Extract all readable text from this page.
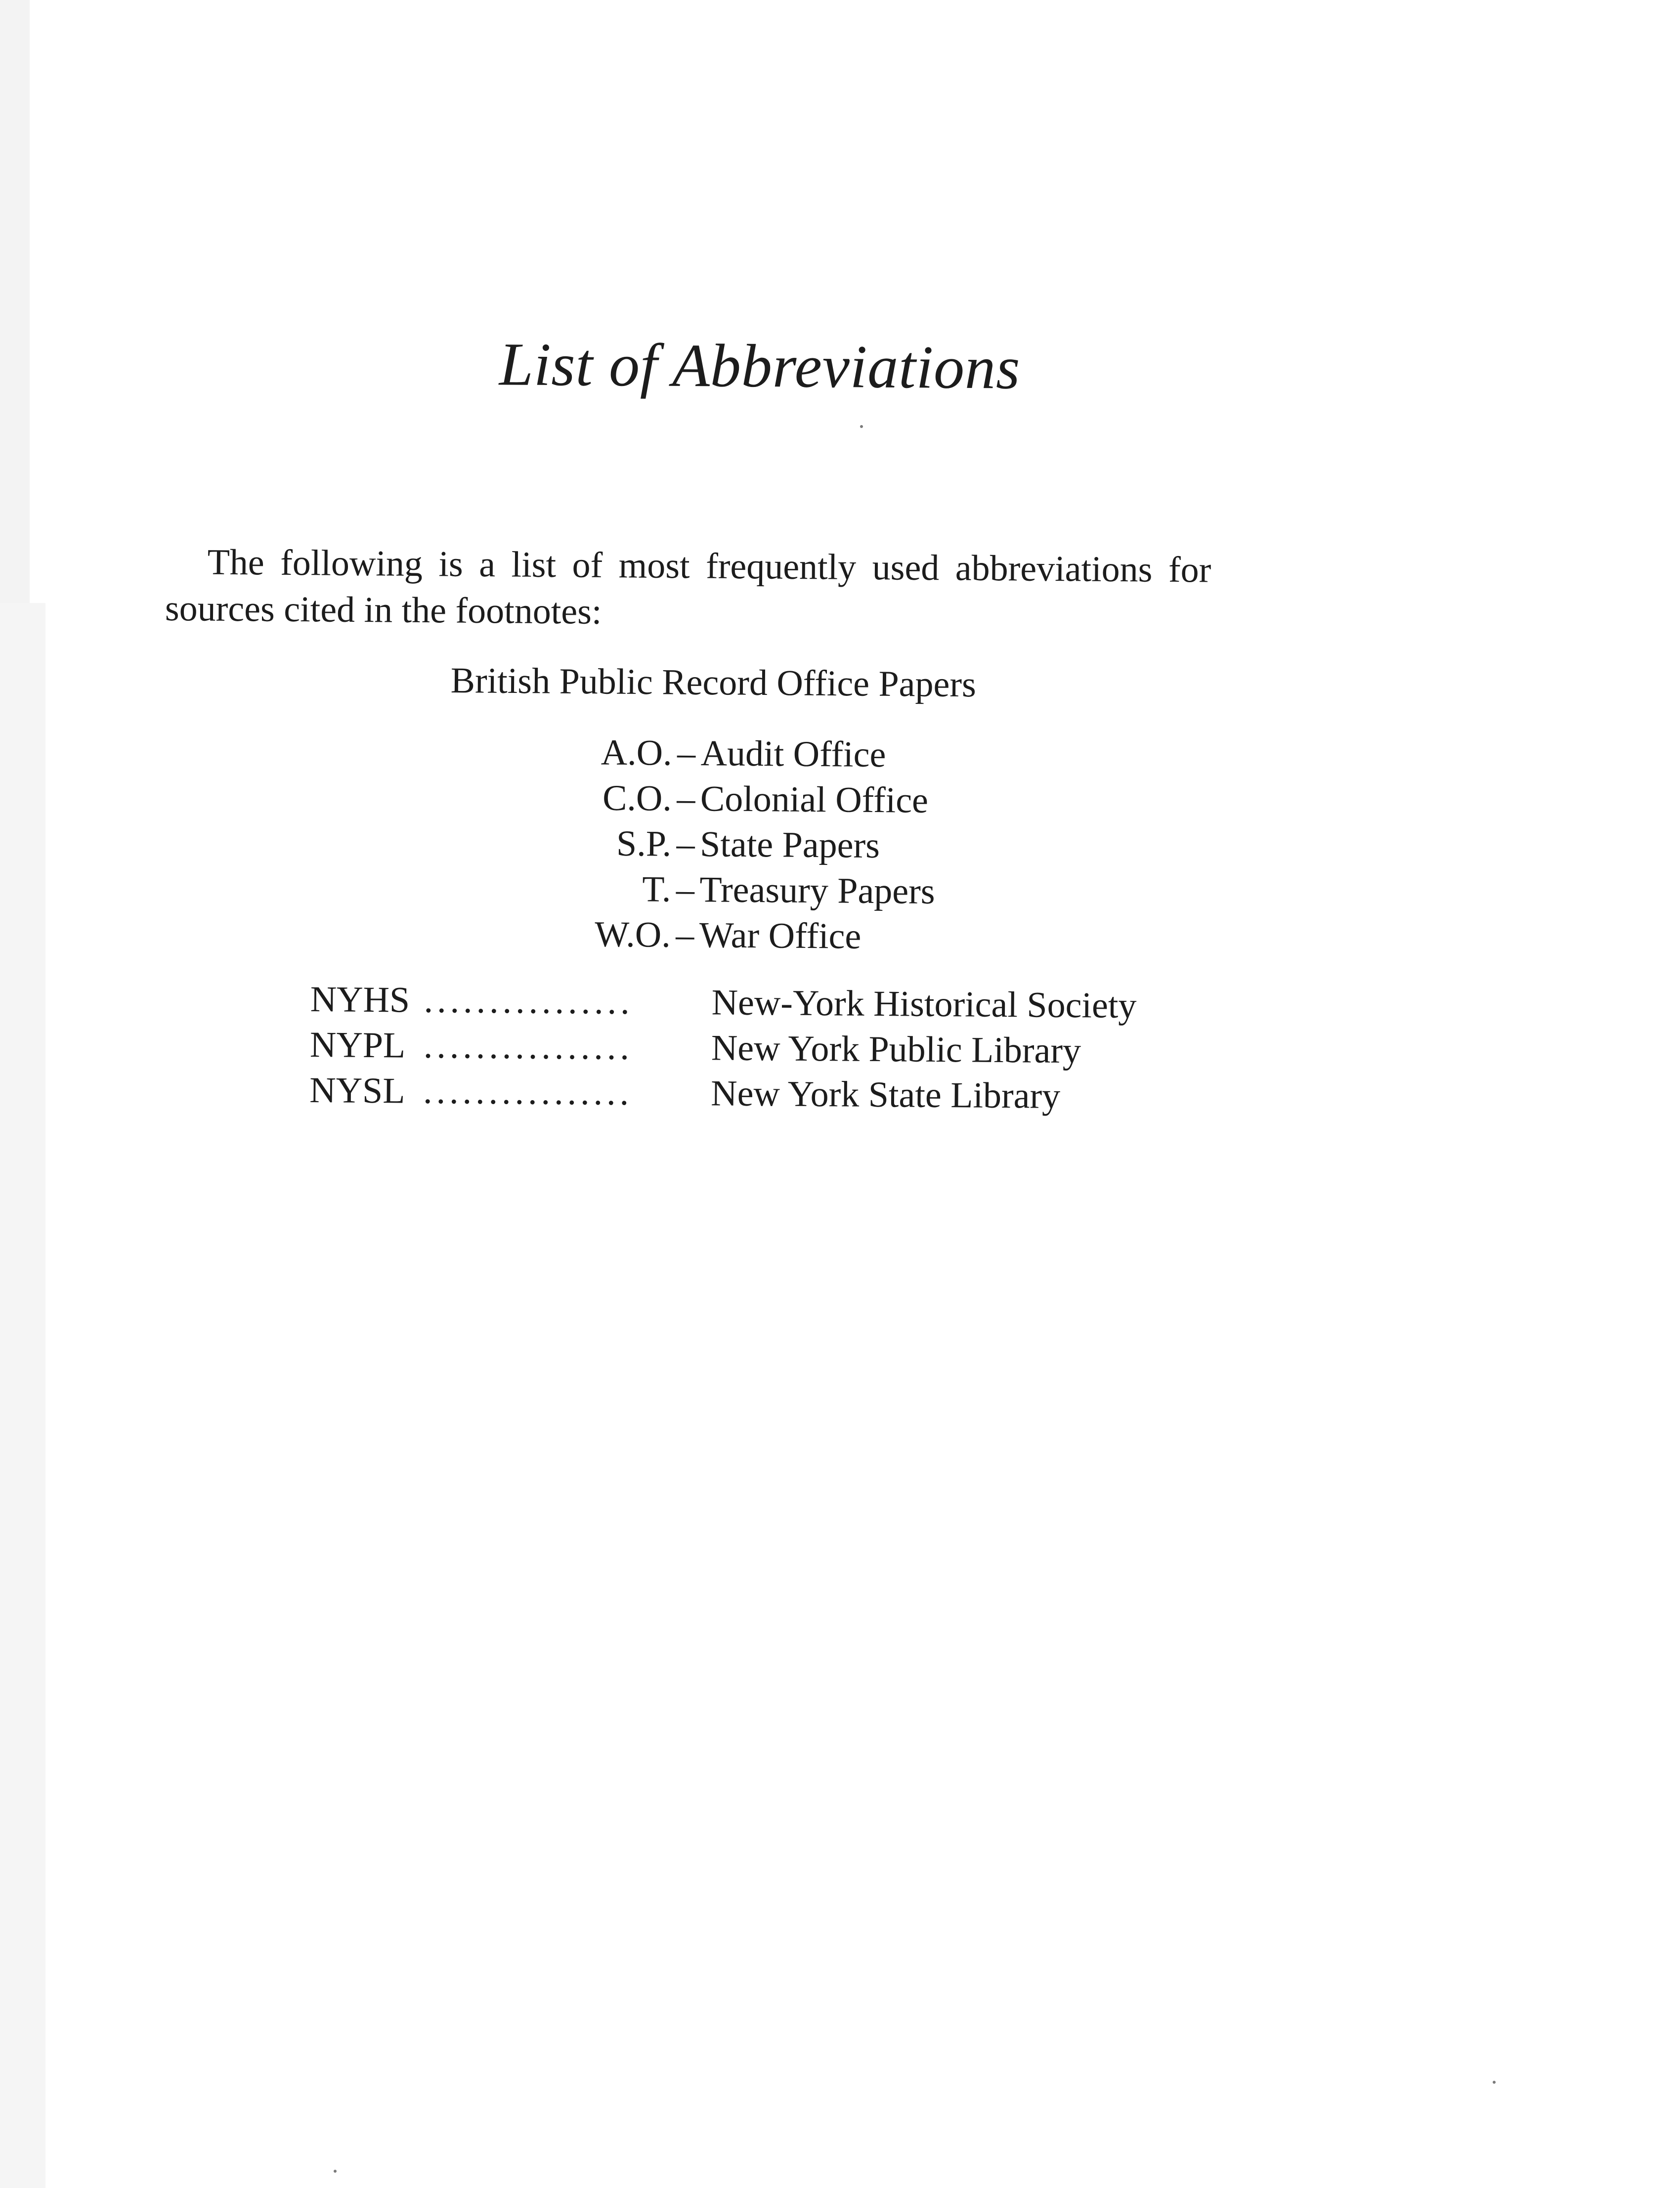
List of Abbreviations
The following is a list of most frequently used abbreviations for
sources cited in the footnotes:
British Public Record Office Papers
A.O. – Audit Office
C.O. – Colonial Office
S.P. – State Papers
T. – Treasury Papers
W.O. – War Office
NYHS ................	New-York Historical Society
NYPL ................	New York Public Library
NYSL ................	New York State Library
